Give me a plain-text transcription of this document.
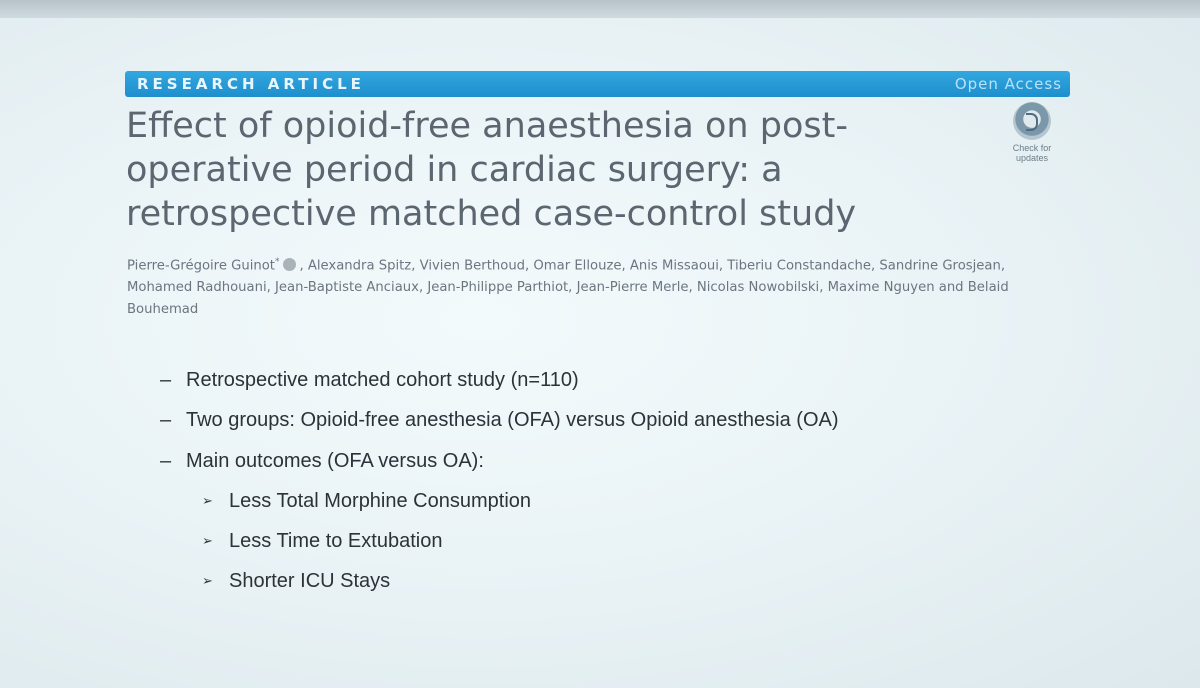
RESEARCH ARTICLE	Open Access
Effect of opioid-free anaesthesia on post-operative period in cardiac surgery: a retrospective matched case-control study
Check for updates
Pierre-Grégoire Guinot* , Alexandra Spitz, Vivien Berthoud, Omar Ellouze, Anis Missaoui, Tiberiu Constandache, Sandrine Grosjean, Mohamed Radhouani, Jean-Baptiste Anciaux, Jean-Philippe Parthiot, Jean-Pierre Merle, Nicolas Nowobilski, Maxime Nguyen and Belaid Bouhemad
– Retrospective matched cohort study (n=110)
– Two groups: Opioid-free anesthesia (OFA) versus Opioid anesthesia (OA)
– Main outcomes (OFA versus OA):
➢ Less Total Morphine Consumption
➢ Less Time to Extubation
➢ Shorter ICU Stays
